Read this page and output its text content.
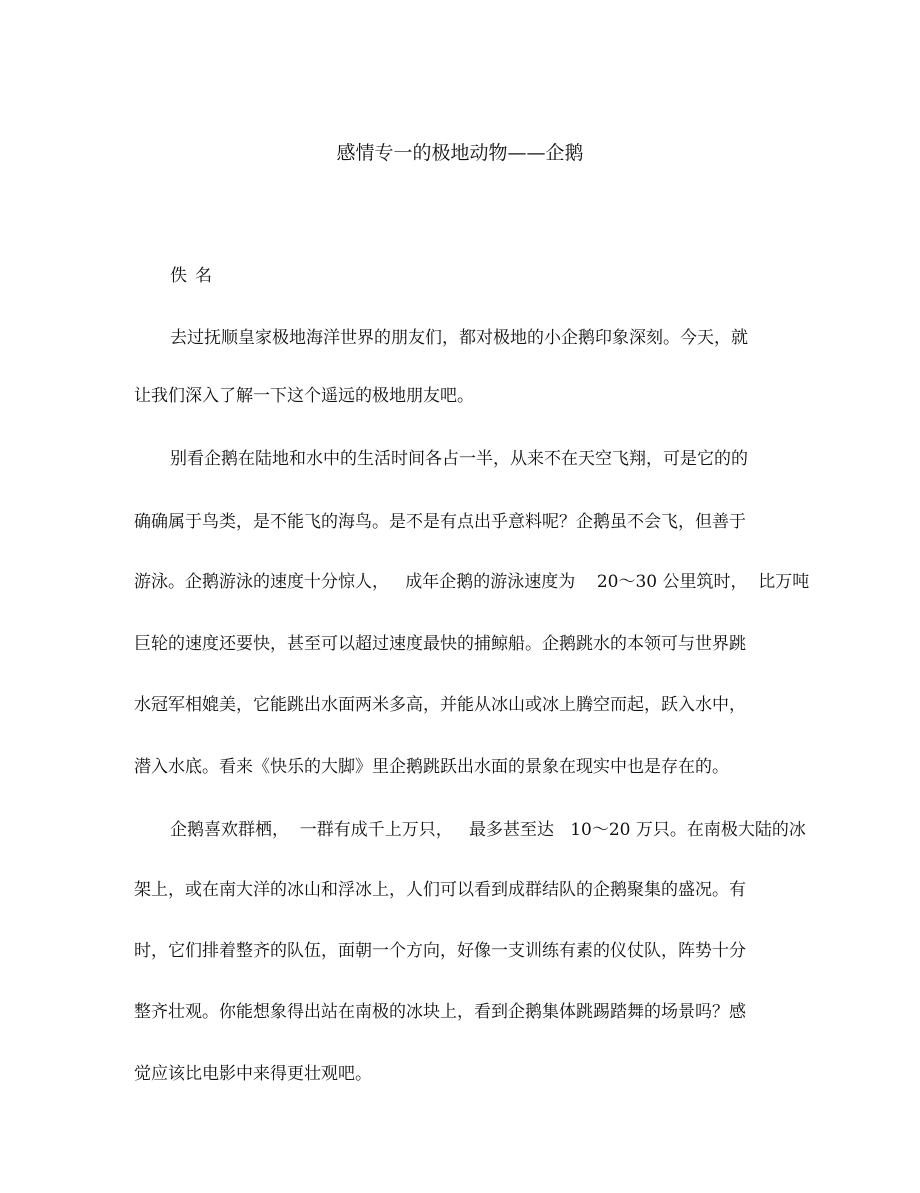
感情专一的极地动物——企鹅
佚名
去过抚顺皇家极地海洋世界的朋友们，都对极地的小企鹅印象深刻。今天，就
让我们深入了解一下这个遥远的极地朋友吧。
别看企鹅在陆地和水中的生活时间各占一半，从来不在天空飞翔，可是它的的
确确属于鸟类，是不能飞的海鸟。是不是有点出乎意料呢？企鹅虽不会飞，但善于
游泳。企鹅游泳的速度十分惊人，   成年企鹅的游泳速度为    20～30 公里筑时，  比万吨
巨轮的速度还要快，甚至可以超过速度最快的捕鲸船。企鹅跳水的本领可与世界跳
水冠军相媲美，它能跳出水面两米多高，并能从冰山或冰上腾空而起，跃入水中，
潜入水底。看来《快乐的大脚》里企鹅跳跃出水面的景象在现实中也是存在的。
企鹅喜欢群栖，  一群有成千上万只，   最多甚至达   10～20 万只。在南极大陆的冰
架上，或在南大洋的冰山和浮冰上，人们可以看到成群结队的企鹅聚集的盛况。有
时，它们排着整齐的队伍，面朝一个方向，好像一支训练有素的仪仗队，阵势十分
整齐壮观。你能想象得出站在南极的冰块上，看到企鹅集体跳踢踏舞的场景吗？感
觉应该比电影中来得更壮观吧。
